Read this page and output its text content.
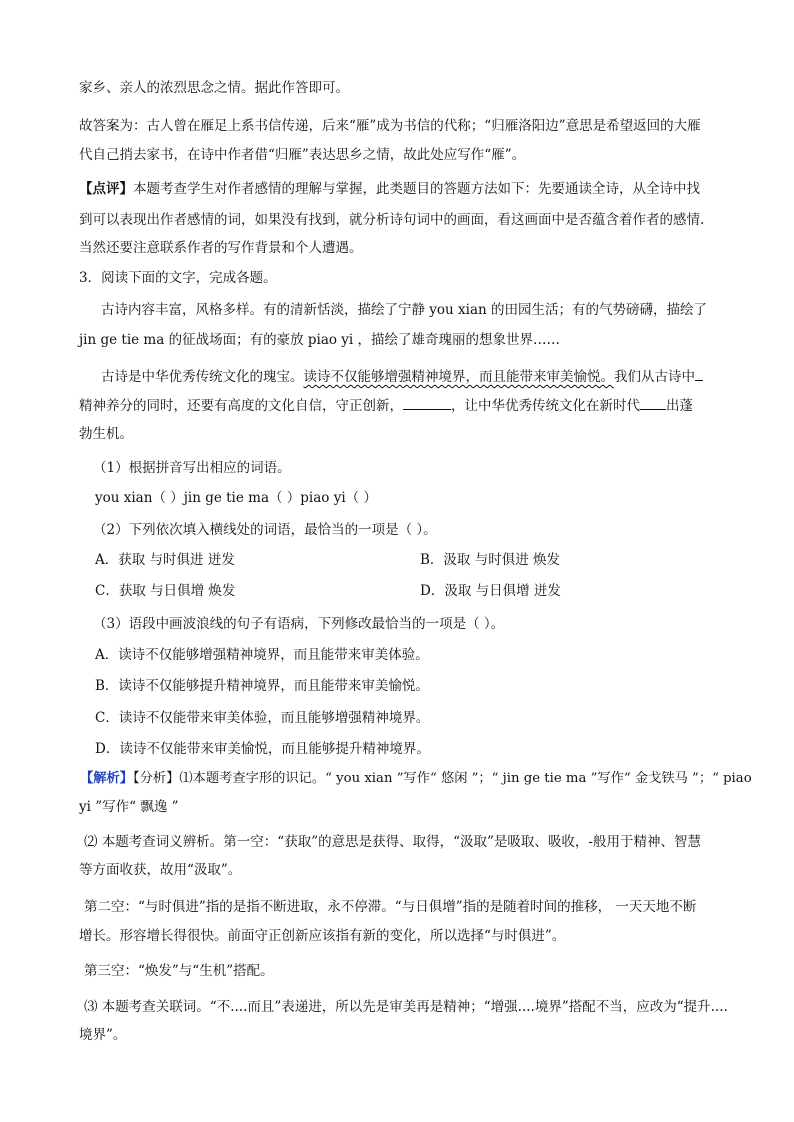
家乡、亲人的浓烈思念之情。据此作答即可。
故答案为：古人曾在雁足上系书信传递，后来“雁”成为书信的代称；“归雁洛阳边”意思是希望返回的大雁
代自己捎去家书，在诗中作者借“归雁”表达思乡之情，故此处应写作“雁”。
【点评】本题考查学生对作者感情的理解与掌握，此类题目的答题方法如下：先要通读全诗，从全诗中找
到可以表现出作者感情的词，如果没有找到，就分析诗句词中的画面，看这画面中是否蕴含着作者的感情.
当然还要注意联系作者的写作背景和个人遭遇。
3．阅读下面的文字，完成各题。
古诗内容丰富，风格多样。有的清新恬淡，描绘了宁静 you xian 的田园生活；有的气势磅礴，描绘了
jin ge tie ma 的征战场面；有的豪放 piao yi ，描绘了雄奇瑰丽的想象世界……
古诗是中华优秀传统文化的瑰宝。读诗不仅能够增强精神境界，而且能带来审美愉悦。我们从古诗中
精神养分的同时，还要有高度的文化自信，守正创新，	，让中华优秀传统文化在新时代 出蓬
勃生机。
（1）根据拼音写出相应的词语。
you xian（ ）jin ge tie ma（ ）piao yi（ ）
（2）下列依次填入横线处的词语，最恰当的一项是（ ）。
A．获取 与时俱进 迸发	B．汲取 与时俱进 焕发
C．获取 与日俱增 焕发	D．汲取 与日俱增 迸发
（3）语段中画波浪线的句子有语病，下列修改最恰当的一项是（ ）。
A．读诗不仅能够增强精神境界，而且能带来审美体验。
B．读诗不仅能够提升精神境界，而且能带来审美愉悦。
C．读诗不仅能带来审美体验，而且能够增强精神境界。
D．读诗不仅能带来审美愉悦，而且能够提升精神境界。
【解析】【分析】⑴本题考查字形的识记。“ you xian ”写作“ 悠闲 ”；“ jin ge tie ma ”写作“ 金戈铁马 ”；“ piao
yi ”写作“ 飘逸 ”
⑵ 本题考查词义辨析。第一空：“获取”的意思是获得、取得，“汲取”是吸取、吸收，-般用于精神、智慧
等方面收获，故用“汲取”。
第二空：“与时俱进”指的是指不断进取，永不停滞。“与日俱增”指的是随着时间的推移， 一天天地不断
增长。形容增长得很快。前面守正创新应该指有新的变化，所以选择“与时俱进”。
第三空：“焕发”与“生机”搭配。
⑶ 本题考查关联词。“不....而且”表递进，所以先是审美再是精神；“增强....境界”搭配不当，应改为“提升....
境界”。
